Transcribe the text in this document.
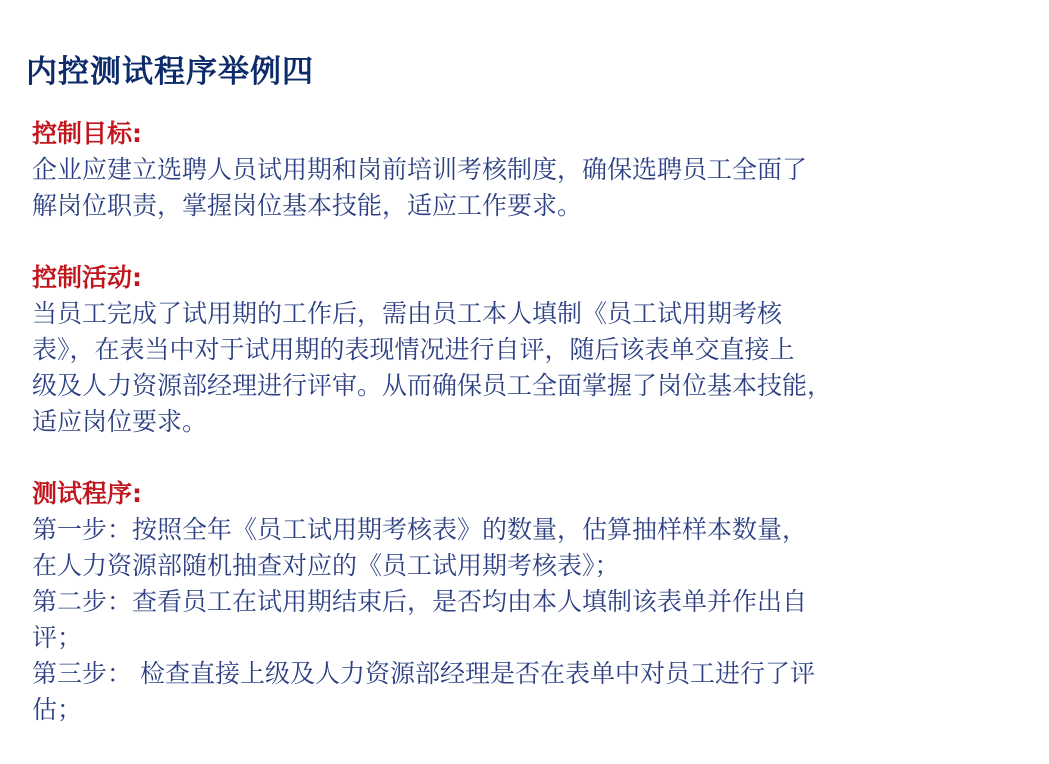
内控测试程序举例四
控制目标:
企业应建立选聘人员试用期和岗前培训考核制度，确保选聘员工全面了
解岗位职责，掌握岗位基本技能，适应工作要求。
控制活动:
当员工完成了试用期的工作后，需由员工本人填制《员工试用期考核
表》，在表当中对于试用期的表现情况进行自评，随后该表单交直接上
级及人力资源部经理进行评审。从而确保员工全面掌握了岗位基本技能，
适应岗位要求。
测试程序:
第一步：按照全年《员工试用期考核表》的数量，估算抽样样本数量，
在人力资源部随机抽查对应的《员工试用期考核表》；
第二步：查看员工在试用期结束后，是否均由本人填制该表单并作出自
评；
第三步： 检查直接上级及人力资源部经理是否在表单中对员工进行了评
估；
